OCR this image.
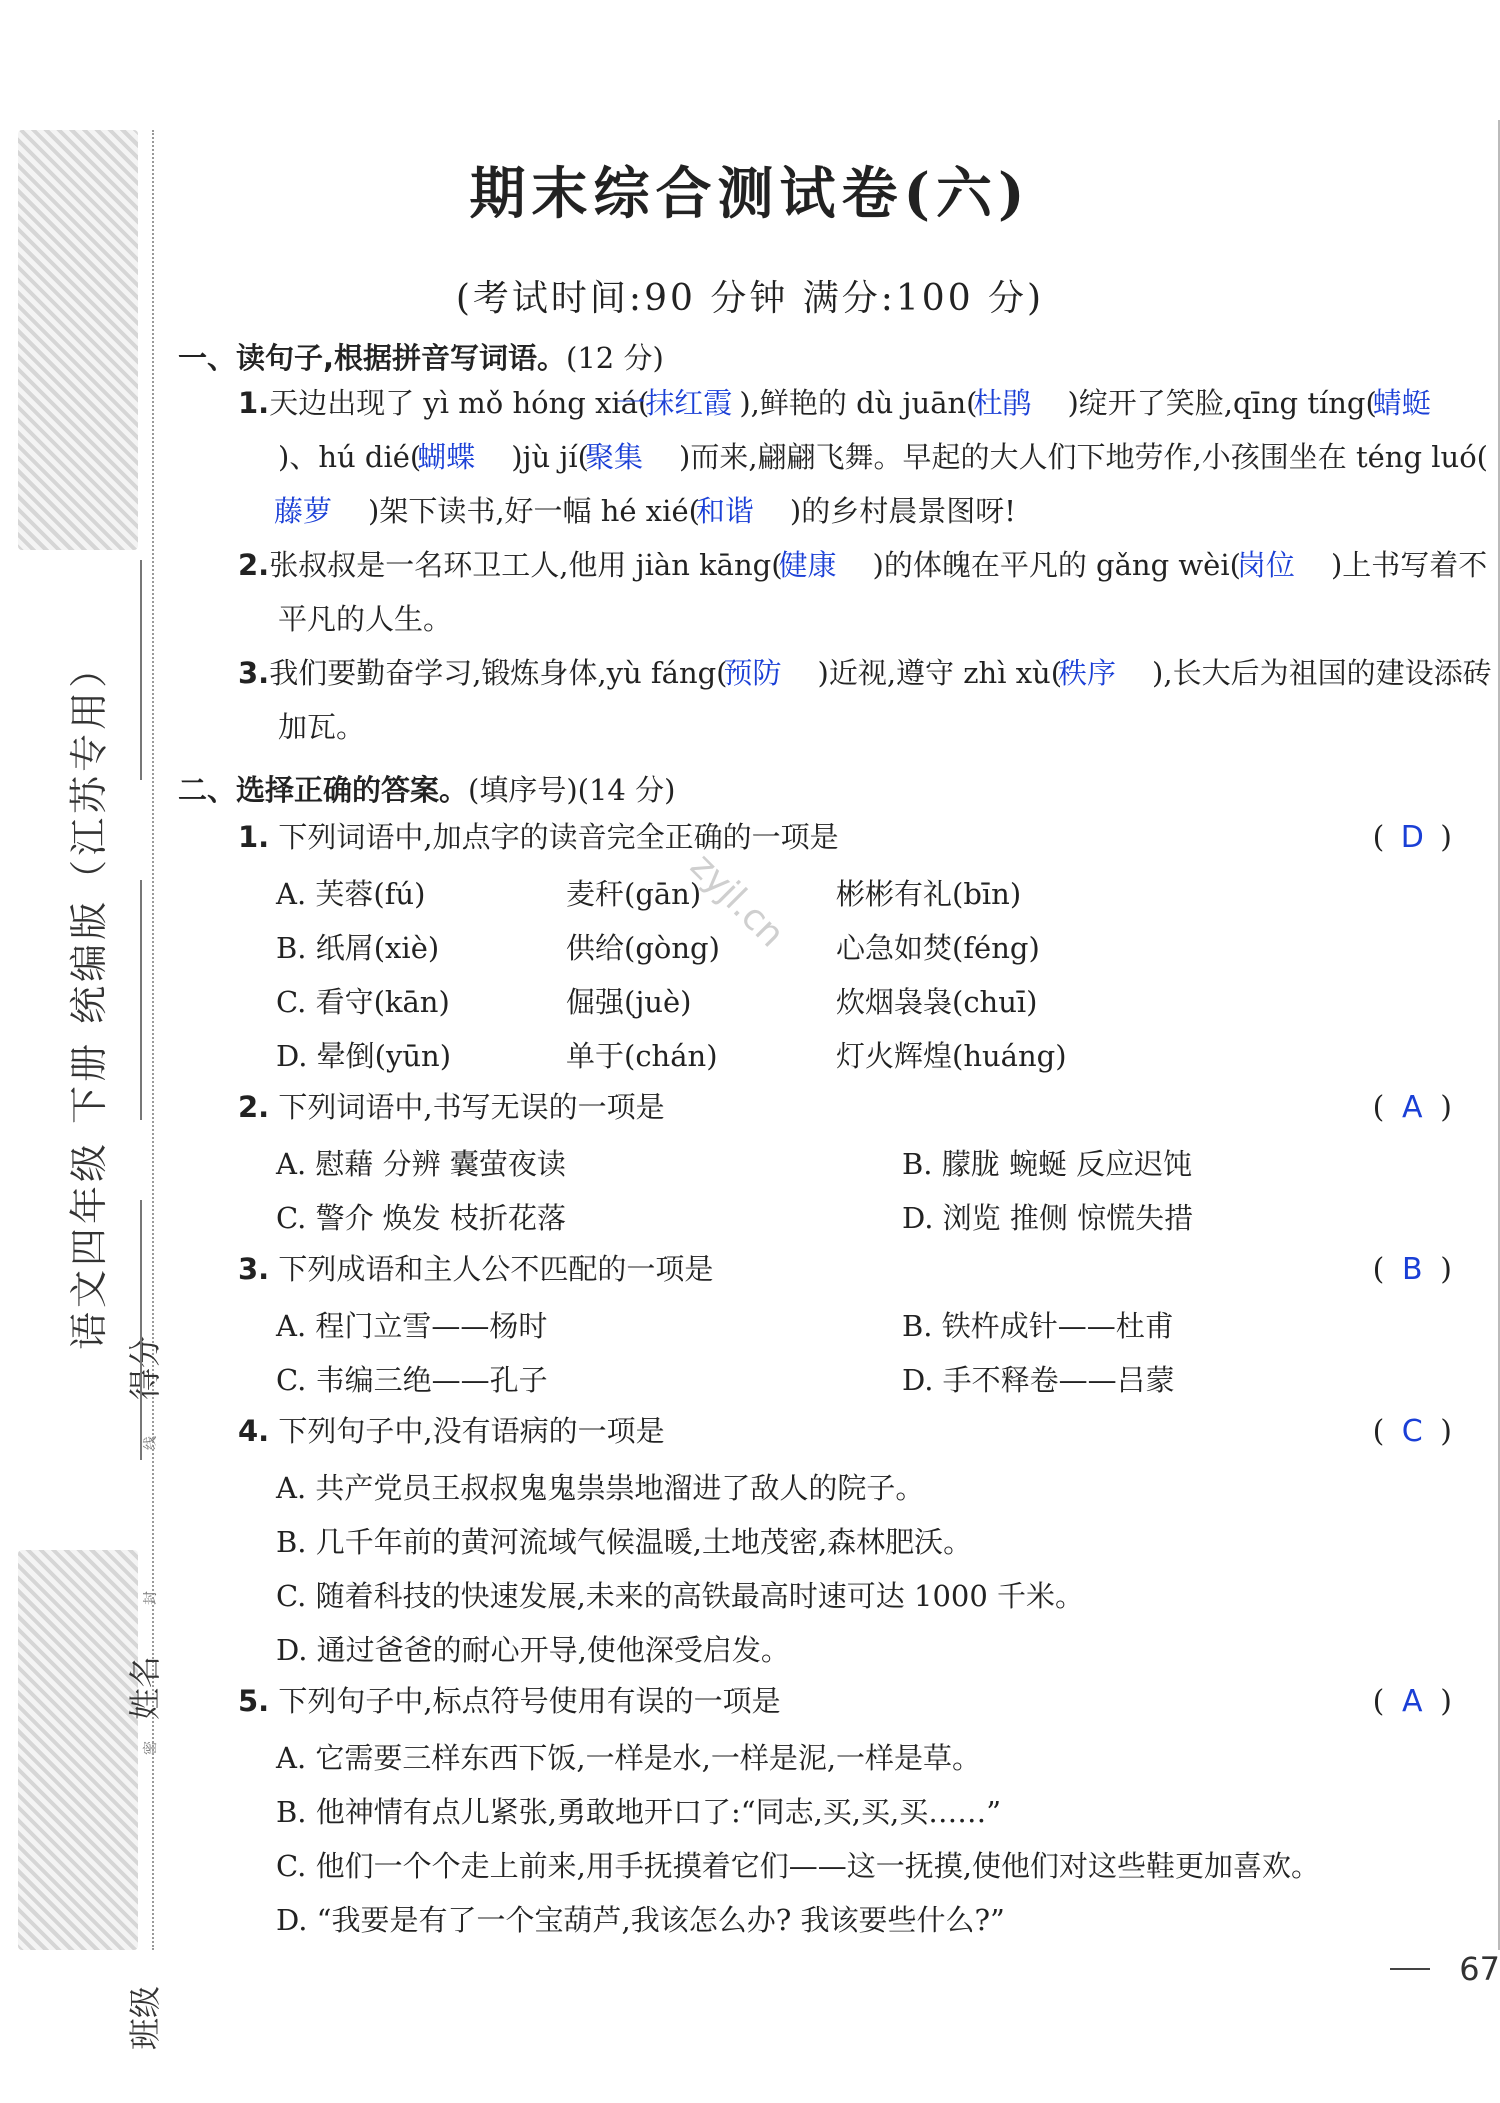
语文四年级 下册 统编版（江苏专用）
得分
姓名
班级
线
封
密
期末综合测试卷(六)
(考试时间:90 分钟 满分:100 分)
一、读句子,根据拼音写词语。(12 分)
1.天边出现了 yì mǒ hóng xiá(一抹红霞 ),鲜艳的 dù juān(杜鹃 )绽开了笑脸,qīng tíng(蜻蜓)、hú dié(蝴蝶 )jù jí(聚集 )而来,翩翩飞舞。早起的大人们下地劳作,小孩围坐在 téng luó(藤萝 )架下读书,好一幅 hé xié(和谐 )的乡村晨景图呀!
2.张叔叔是一名环卫工人,他用 jiàn kāng(健康 )的体魄在平凡的 gǎng wèi(岗位 )上书写着不平凡的人生。
3.我们要勤奋学习,锻炼身体,yù fáng(预防 )近视,遵守 zhì xù(秩序 ),长大后为祖国的建设添砖加瓦。
二、选择正确的答案。(填序号)(14 分)
zyjl.cn
1. 下列词语中,加点字的读音完全正确的一项是	( D )
A. 芙蓉(fú)	麦秆(gān)	彬彬有礼(bīn)
B. 纸屑(xiè)	供给(gòng)	心急如焚(féng)
C. 看守(kān)	倔强(juè)	炊烟袅袅(chuī)
D. 晕倒(yūn)	单于(chán)	灯火辉煌(huáng)
2. 下列词语中,书写无误的一项是	( A )
A. 慰藉 分辨 囊萤夜读	B. 朦胧 蜿蜒 反应迟饨
C. 警介 焕发 枝折花落	D. 浏览 推侧 惊慌失措
3. 下列成语和主人公不匹配的一项是	( B )
A. 程门立雪——杨时	B. 铁杵成针——杜甫
C. 韦编三绝——孔子	D. 手不释卷——吕蒙
4. 下列句子中,没有语病的一项是	( C )
A. 共产党员王叔叔鬼鬼祟祟地溜进了敌人的院子。
B. 几千年前的黄河流域气候温暖,土地茂密,森林肥沃。
C. 随着科技的快速发展,未来的高铁最高时速可达 1000 千米。
D. 通过爸爸的耐心开导,使他深受启发。
5. 下列句子中,标点符号使用有误的一项是	( A )
A. 它需要三样东西下饭,一样是水,一样是泥,一样是草。
B. 他神情有点儿紧张,勇敢地开口了:“同志,买,买,买……”
C. 他们一个个走上前来,用手抚摸着它们——这一抚摸,使他们对这些鞋更加喜欢。
D. “我要是有了一个宝葫芦,我该怎么办? 我该要些什么?”
67
